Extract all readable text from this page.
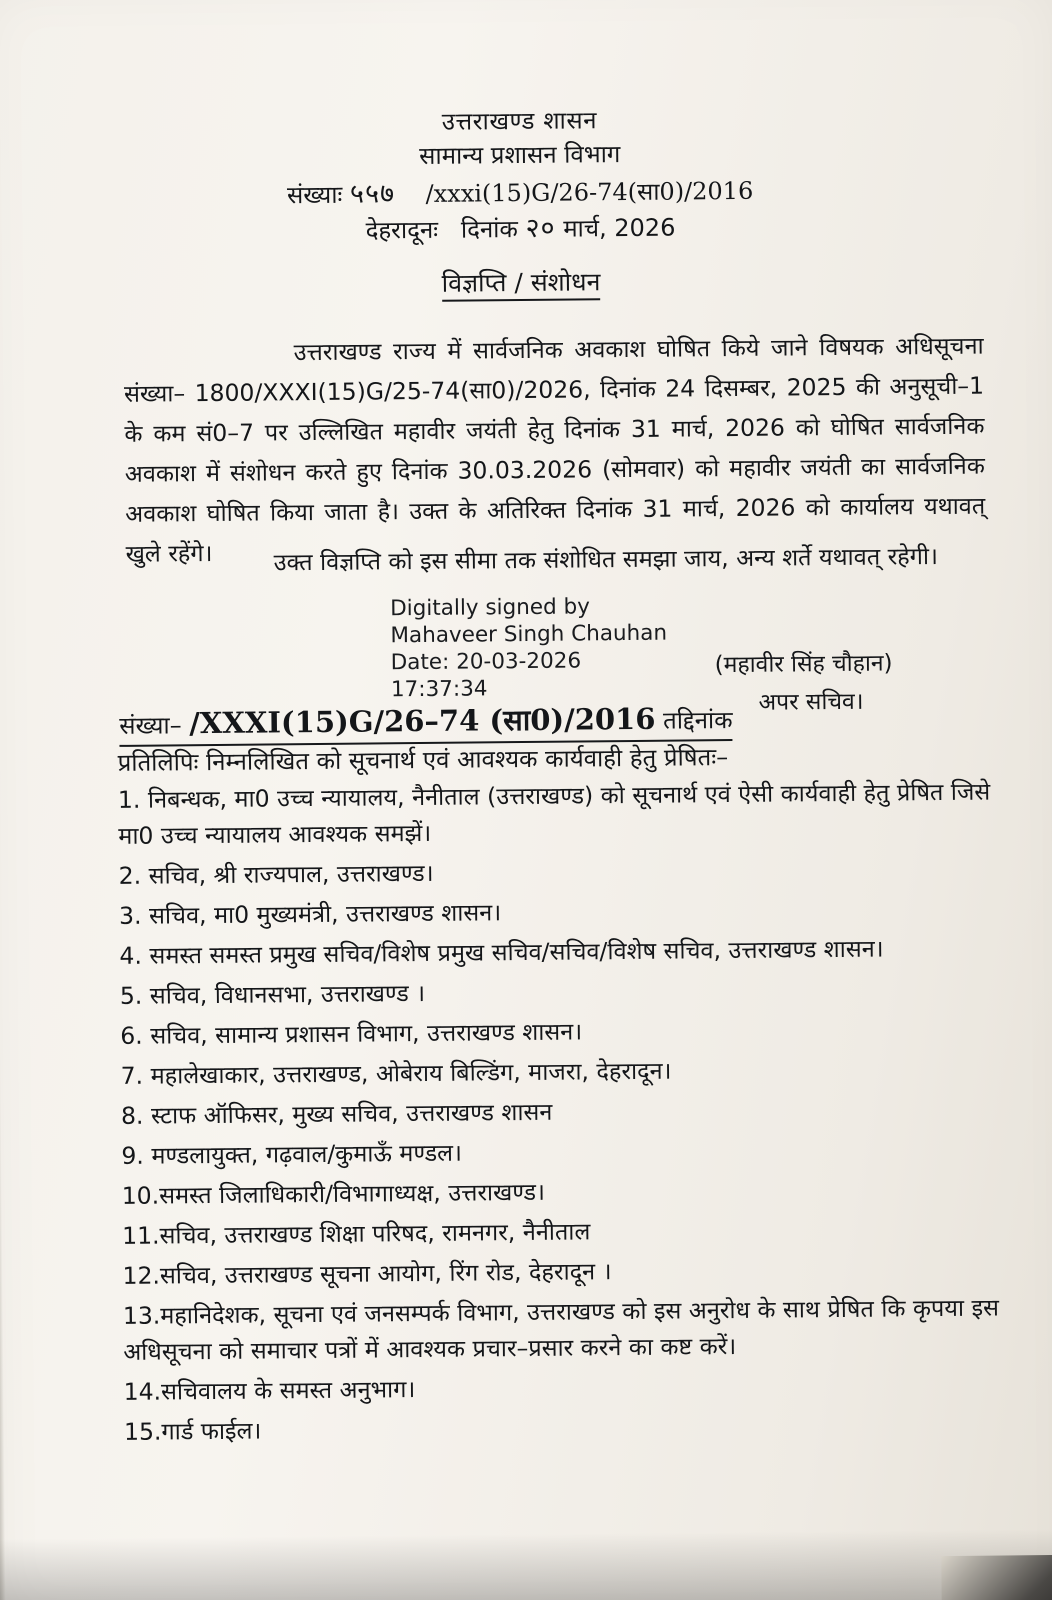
उत्तराखण्ड शासन
सामान्य प्रशासन विभाग
संख्याः ५५७ /xxxi(15)G/26-74(सा0)/2016
देहरादूनः दिनांक २० मार्च, 2026
विज्ञप्ति / संशोधन
उत्तराखण्ड राज्य में सार्वजनिक अवकाश घोषित किये जाने विषयक अधिसूचना संख्या– 1800/XXXI(15)G/25-74(सा0)/2026, दिनांक 24 दिसम्बर, 2025 की अनुसूची–1 के कम सं0–7 पर उल्लिखित महावीर जयंती हेतु दिनांक 31 मार्च, 2026 को घोषित सार्वजनिक अवकाश में संशोधन करते हुए दिनांक 30.03.2026 (सोमवार) को महावीर जयंती का सार्वजनिक अवकाश घोषित किया जाता है। उक्त के अतिरिक्त दिनांक 31 मार्च, 2026 को कार्यालय यथावत् खुले रहेंगे।	उक्त विज्ञप्ति को इस सीमा तक संशोधित समझा जाय, अन्य शर्ते यथावत् रहेगी।
Digitally signed by
Mahaveer Singh Chauhan
Date: 20-03-2026
17:37:34
(महावीर सिंह चौहान)
अपर सचिव।
संख्या– /XXXI(15)G/26–74 (सा0)/2016 तद्दिनांक
प्रतिलिपिः निम्नलिखित को सूचनार्थ एवं आवश्यक कार्यवाही हेतु प्रेषितः–
1. निबन्धक, मा0 उच्च न्यायालय, नैनीताल (उत्तराखण्ड) को सूचनार्थ एवं ऐसी कार्यवाही हेतु प्रेषित जिसे मा0 उच्च न्यायालय आवश्यक समझें।
2. सचिव, श्री राज्यपाल, उत्तराखण्ड।
3. सचिव, मा0 मुख्यमंत्री, उत्तराखण्ड शासन।
4. समस्त समस्त प्रमुख सचिव/विशेष प्रमुख सचिव/सचिव/विशेष सचिव, उत्तराखण्ड शासन।
5. सचिव, विधानसभा, उत्तराखण्ड ।
6. सचिव, सामान्य प्रशासन विभाग, उत्तराखण्ड शासन।
7. महालेखाकार, उत्तराखण्ड, ओबेराय बिल्डिंग, माजरा, देहरादून।
8. स्टाफ ऑफिसर, मुख्य सचिव, उत्तराखण्ड शासन
9. मण्डलायुक्त, गढ़वाल/कुमाऊँ मण्डल।
10.समस्त जिलाधिकारी/विभागाध्यक्ष, उत्तराखण्ड।
11.सचिव, उत्तराखण्ड शिक्षा परिषद, रामनगर, नैनीताल
12.सचिव, उत्तराखण्ड सूचना आयोग, रिंग रोड, देहरादून ।
13.महानिदेशक, सूचना एवं जनसम्पर्क विभाग, उत्तराखण्ड को इस अनुरोध के साथ प्रेषित कि कृपया इस अधिसूचना को समाचार पत्रों में आवश्यक प्रचार–प्रसार करने का कष्ट करें।
14.सचिवालय के समस्त अनुभाग।
15.गार्ड फाईल।
